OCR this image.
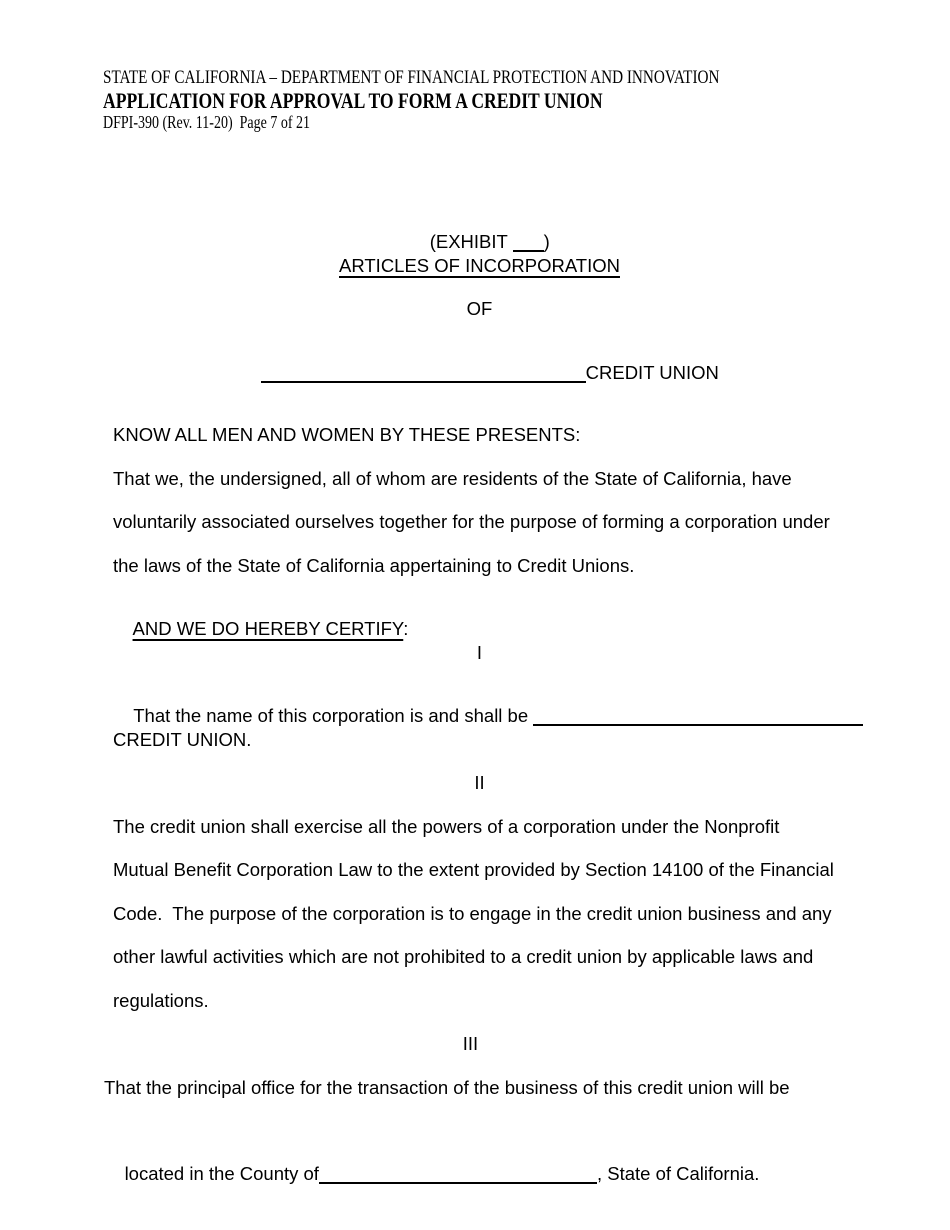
STATE OF CALIFORNIA – DEPARTMENT OF FINANCIAL PROTECTION AND INNOVATION
APPLICATION FOR APPROVAL TO FORM A CREDIT UNION
DFPI-390 (Rev. 11-20)  Page 7 of 21

(EXHIBIT )

ARTICLES OF INCORPORATION
OF

CREDIT UNION

KNOW ALL MEN AND WOMEN BY THESE PRESENTS:
That we, the undersigned, all of whom are residents of the State of California, have
voluntarily associated ourselves together for the purpose of forming a corporation under
the laws of the State of California appertaining to Credit Unions.

AND WE DO HEREBY CERTIFY:

I

That the name of this corporation is and shall be

CREDIT UNION.
II
The credit union shall exercise all the powers of a corporation under the Nonprofit
Mutual Benefit Corporation Law to the extent provided by Section 14100 of the Financial
Code.  The purpose of the corporation is to engage in the credit union business and any
other lawful activities which are not prohibited to a credit union by applicable laws and
regulations.
III
That the principal office for the transaction of the business of this credit union will be

located in the County of	, State of California.
